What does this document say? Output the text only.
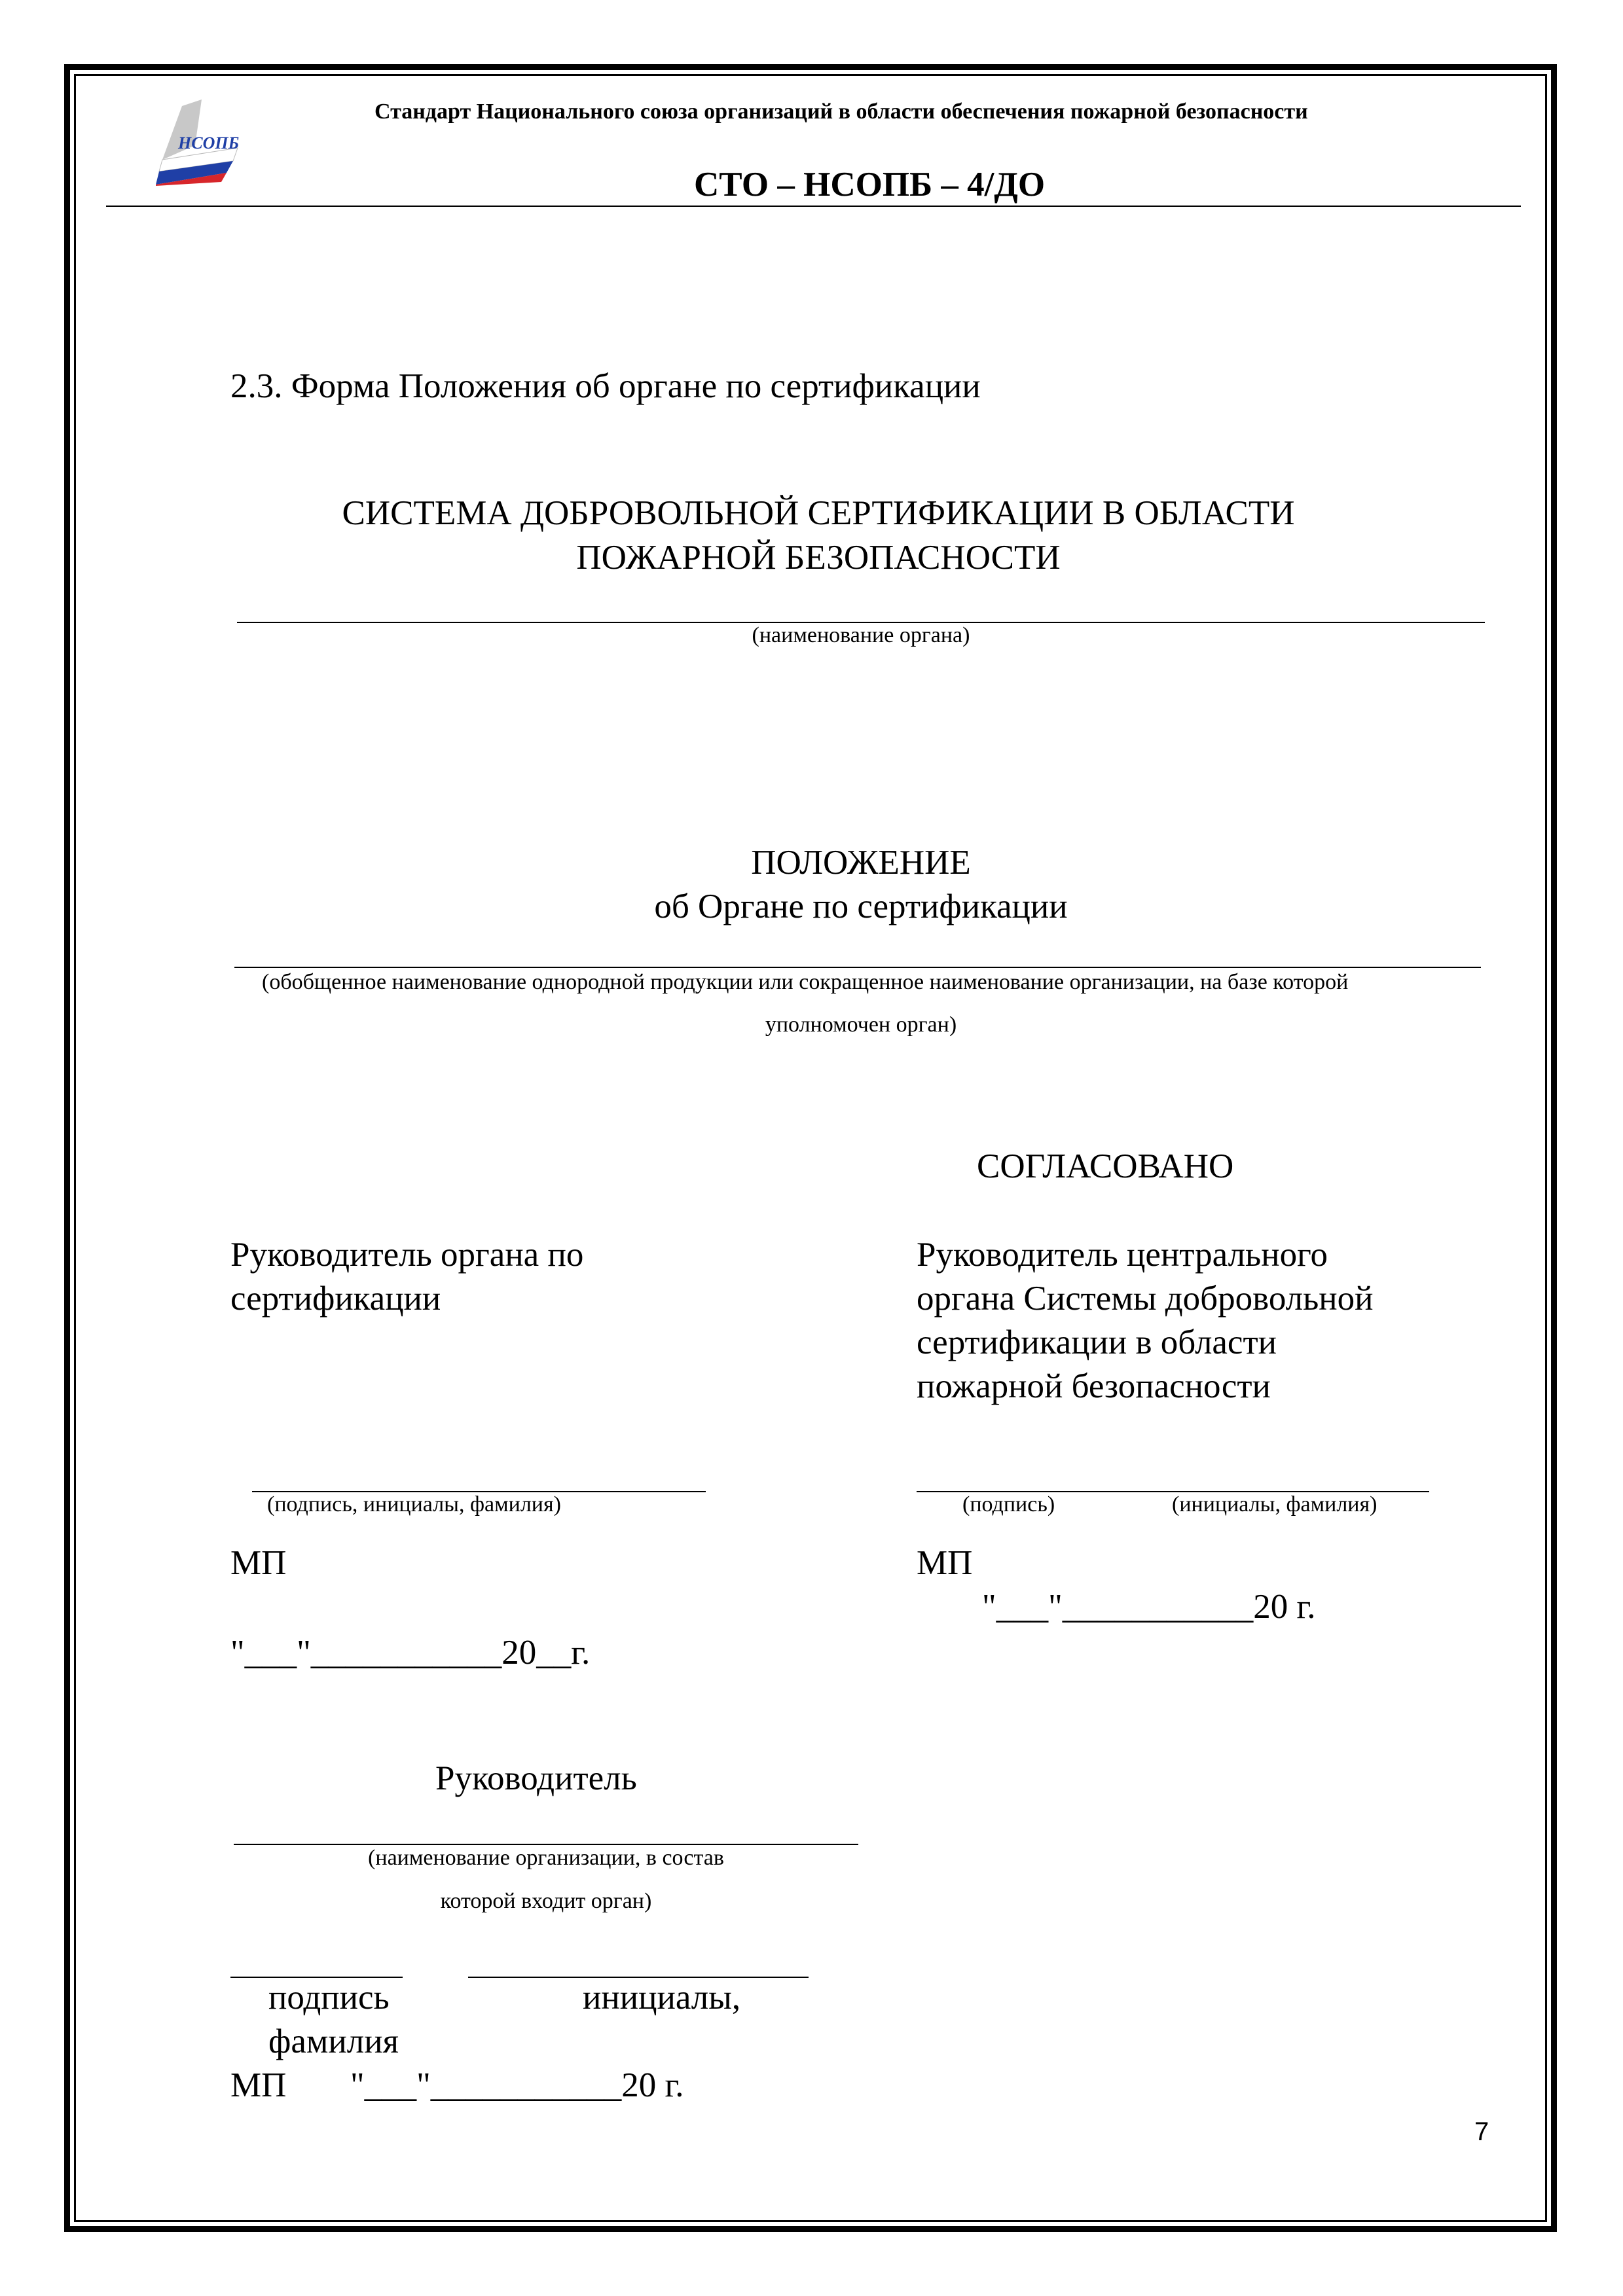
НСОПБ
Стандарт Национального союза организаций в области обеспечения пожарной безопасности
СТО – НСОПБ – 4/ДО
2.3. Форма Положения об органе по сертификации
СИСТЕМА ДОБРОВОЛЬНОЙ СЕРТИФИКАЦИИ В ОБЛАСТИ
ПОЖАРНОЙ БЕЗОПАСНОСТИ
(наименование органа)
ПОЛОЖЕНИЕ
об Органе по сертификации
(обобщенное наименование однородной продукции или сокращенное наименование организации, на базе которой
уполномочен орган)
СОГЛАСОВАНО
Руководитель органа по
сертификации
Руководитель центрального
органа Системы добровольной
сертификации в области
пожарной безопасности
(подпись, инициалы, фамилия)	(подпись)	(инициалы, фамилия)
МП	МП
"___"___________20 г.
"___"___________20__г.
Руководитель
(наименование организации, в состав
которой входит орган)
подпись	инициалы,
фамилия
МП "___"___________20 г.
7
